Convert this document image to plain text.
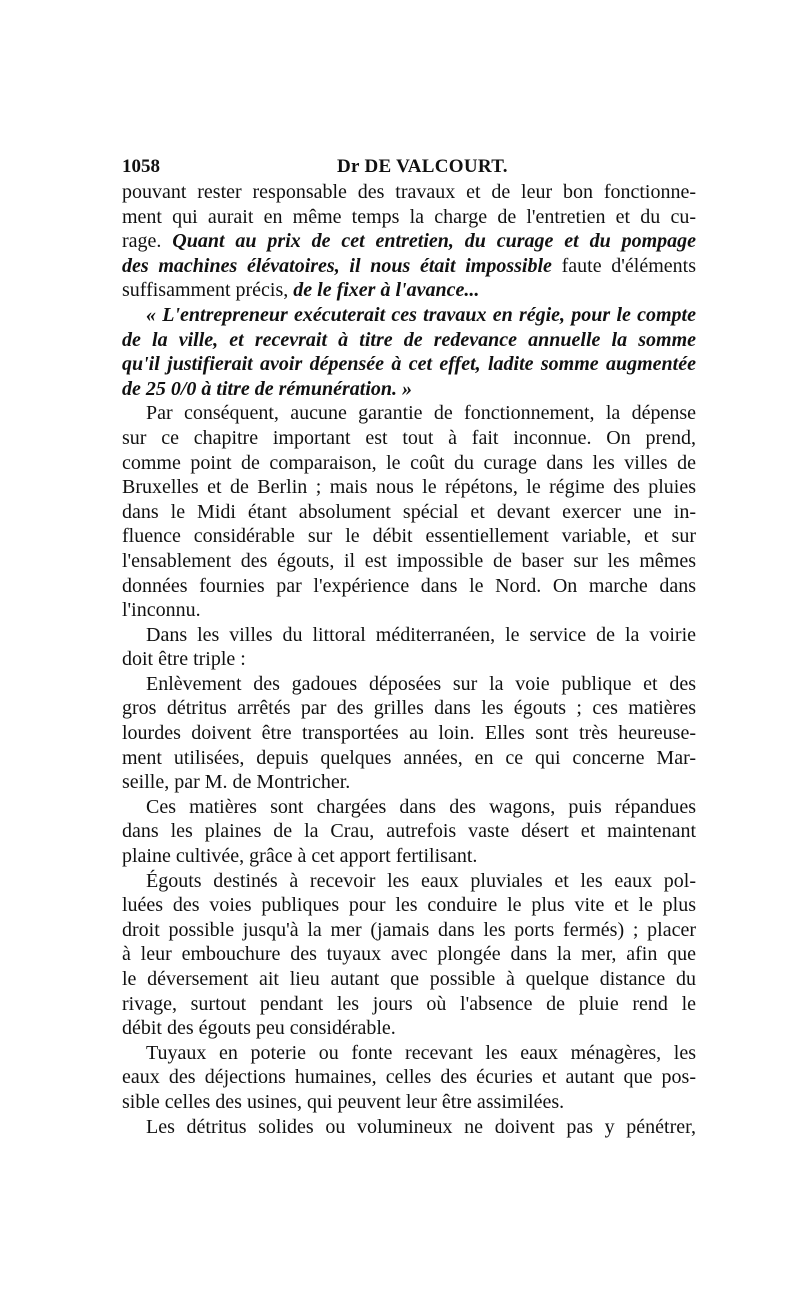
1058	Dr DE VALCOURT.
pouvant rester responsable des travaux et de leur bon fonctionne-
ment qui aurait en même temps la charge de l'entretien et du cu-
rage. Quant au prix de cet entretien, du curage et du pompage
des machines élévatoires, il nous était impossible faute d'éléments
suffisamment précis, de le fixer à l'avance...
« L'entrepreneur exécuterait ces travaux en régie, pour le compte
de la ville, et recevrait à titre de redevance annuelle la somme
qu'il justifierait avoir dépensée à cet effet, ladite somme augmentée
de 25 0/0 à titre de rémunération. »
Par conséquent, aucune garantie de fonctionnement, la dépense
sur ce chapitre important est tout à fait inconnue. On prend,
comme point de comparaison, le coût du curage dans les villes de
Bruxelles et de Berlin ; mais nous le répétons, le régime des pluies
dans le Midi étant absolument spécial et devant exercer une in-
fluence considérable sur le débit essentiellement variable, et sur
l'ensablement des égouts, il est impossible de baser sur les mêmes
données fournies par l'expérience dans le Nord. On marche dans
l'inconnu.
Dans les villes du littoral méditerranéen, le service de la voirie
doit être triple :
Enlèvement des gadoues déposées sur la voie publique et des
gros détritus arrêtés par des grilles dans les égouts ; ces matières
lourdes doivent être transportées au loin. Elles sont très heureuse-
ment utilisées, depuis quelques années, en ce qui concerne Mar-
seille, par M. de Montricher.
Ces matières sont chargées dans des wagons, puis répandues
dans les plaines de la Crau, autrefois vaste désert et maintenant
plaine cultivée, grâce à cet apport fertilisant.
Égouts destinés à recevoir les eaux pluviales et les eaux pol-
luées des voies publiques pour les conduire le plus vite et le plus
droit possible jusqu'à la mer (jamais dans les ports fermés) ; placer
à leur embouchure des tuyaux avec plongée dans la mer, afin que
le déversement ait lieu autant que possible à quelque distance du
rivage, surtout pendant les jours où l'absence de pluie rend le
débit des égouts peu considérable.
Tuyaux en poterie ou fonte recevant les eaux ménagères, les
eaux des déjections humaines, celles des écuries et autant que pos-
sible celles des usines, qui peuvent leur être assimilées.
Les détritus solides ou volumineux ne doivent pas y pénétrer,
